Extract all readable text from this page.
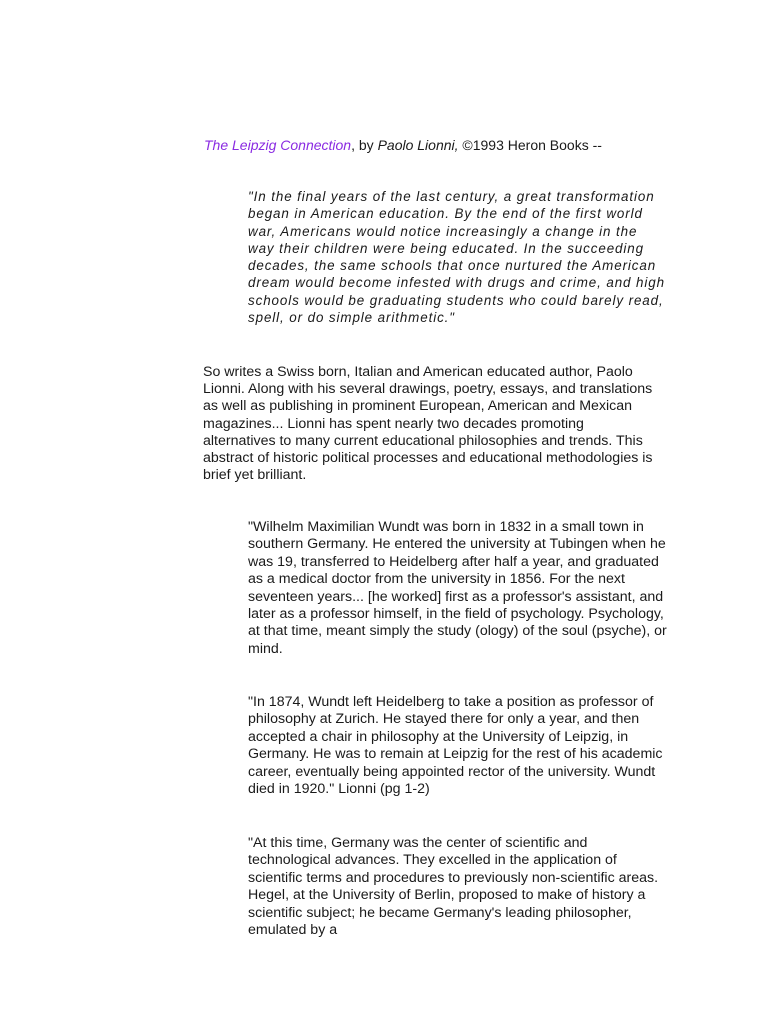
The Leipzig Connection, by Paolo Lionni, ©1993 Heron Books --

"In the final years of the last century, a great transformation began in American education. By the end of the first world war, Americans would notice increasingly a change in the way their children were being educated. In the succeeding decades, the same schools that once nurtured the American dream would become infested with drugs and crime, and high schools would be graduating students who could barely read, spell, or do simple arithmetic."

So writes a Swiss born, Italian and American educated author, Paolo Lionni. Along with his several drawings, poetry, essays, and translations as well as publishing in prominent European, American and Mexican magazines... Lionni has spent nearly two decades promoting alternatives to many current educational philosophies and trends. This abstract of historic political processes and educational methodologies is brief yet brilliant.

"Wilhelm Maximilian Wundt was born in 1832 in a small town in southern Germany. He entered the university at Tubingen when he was 19, transferred to Heidelberg after half a year, and graduated as a medical doctor from the university in 1856. For the next seventeen years... [he worked] first as a professor's assistant, and later as a professor himself, in the field of psychology. Psychology, at that time, meant simply the study (ology) of the soul (psyche), or mind.

"In 1874, Wundt left Heidelberg to take a position as professor of philosophy at Zurich. He stayed there for only a year, and then accepted a chair in philosophy at the University of Leipzig, in Germany. He was to remain at Leipzig for the rest of his academic career, eventually being appointed rector of the university. Wundt died in 1920." Lionni (pg 1-2)

"At this time, Germany was the center of scientific and technological advances. They excelled in the application of scientific terms and procedures to previously non-scientific areas. Hegel, at the University of Berlin, proposed to make of history a scientific subject; he became Germany's leading philosopher, emulated by a
